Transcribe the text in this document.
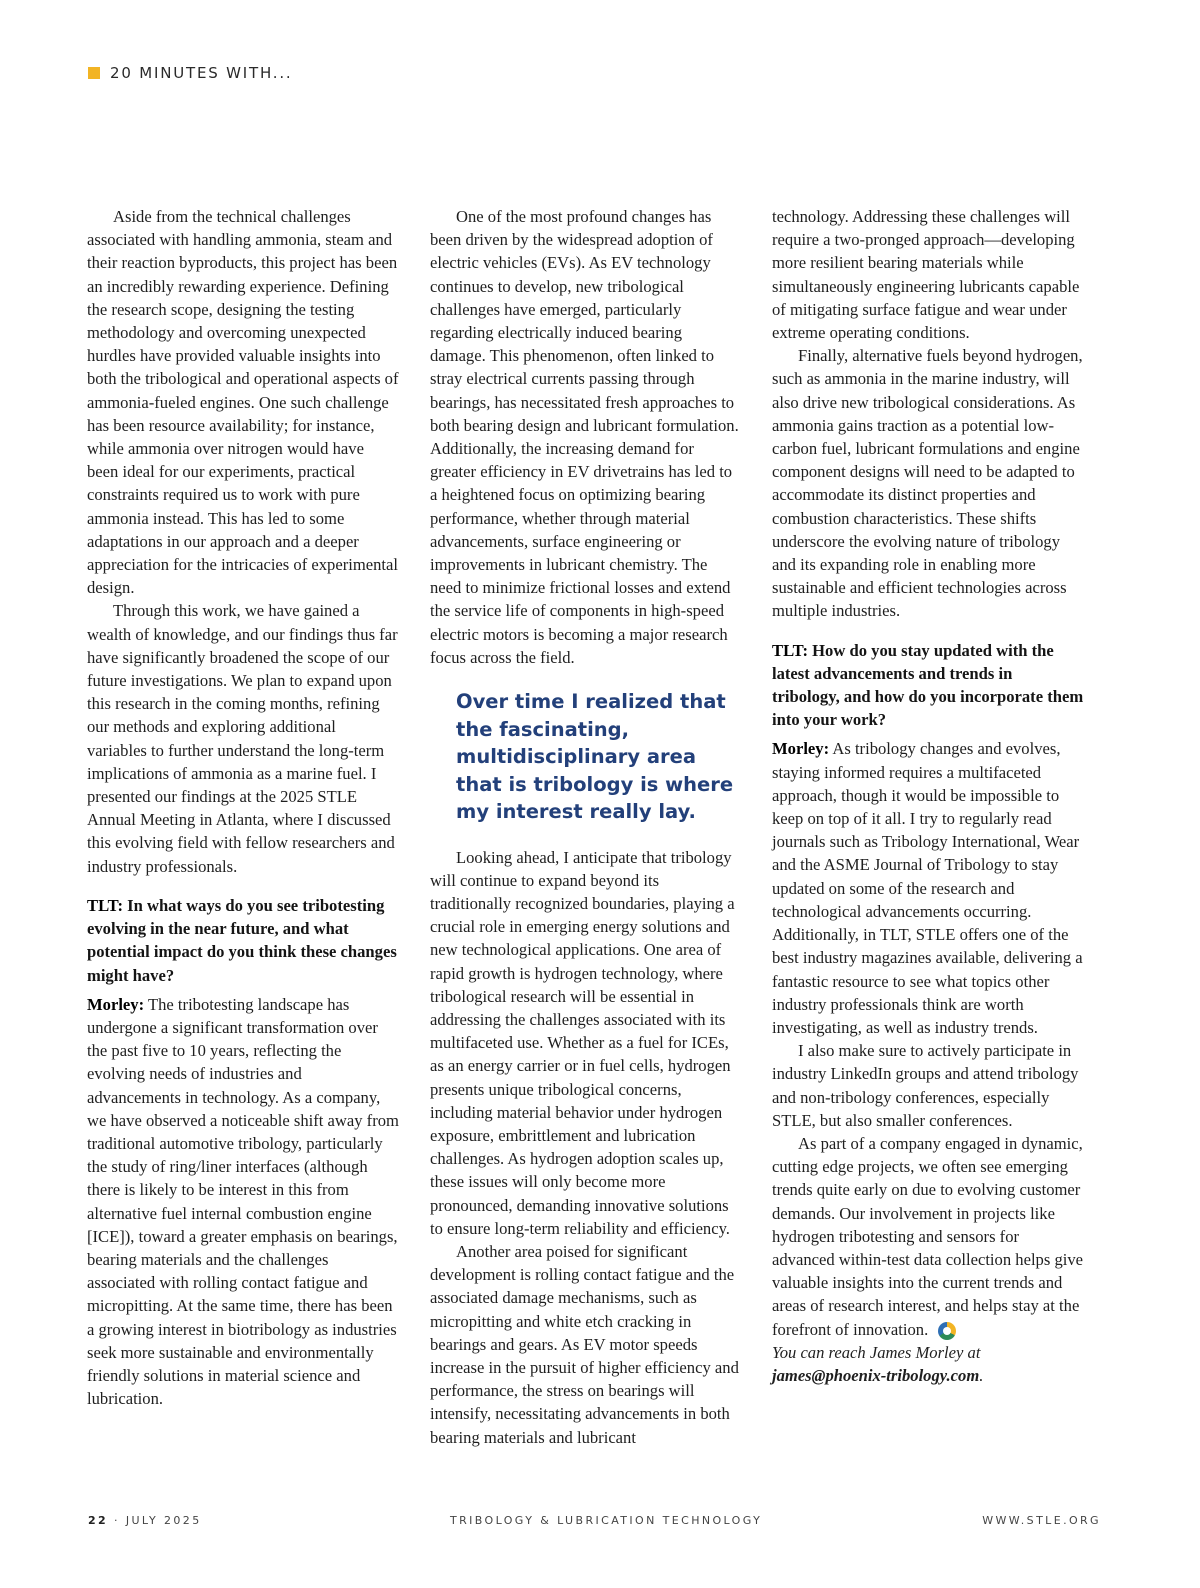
20 MINUTES WITH...

Aside from the technical challenges associated with handling ammonia, steam and their reaction byproducts, this project has been an incredibly rewarding experience. Defining the research scope, designing the testing methodology and overcoming unexpected hurdles have provided valuable insights into both the tribological and operational aspects of ammonia-fueled engines. One such challenge has been resource availability; for instance, while ammonia over nitrogen would have been ideal for our experiments, practical constraints required us to work with pure ammonia instead. This has led to some adaptations in our approach and a deeper appreciation for the intricacies of experimental design.

Through this work, we have gained a wealth of knowledge, and our findings thus far have significantly broadened the scope of our future investigations. We plan to expand upon this research in the coming months, refining our methods and exploring additional variables to further understand the long-term implications of ammonia as a marine fuel. I presented our findings at the 2025 STLE Annual Meeting in Atlanta, where I discussed this evolving field with fellow researchers and industry professionals.

TLT: In what ways do you see tribotesting evolving in the near future, and what potential impact do you think these changes might have?

Morley: The tribotesting landscape has undergone a significant transformation over the past five to 10 years, reflecting the evolving needs of industries and advancements in technology. As a company, we have observed a noticeable shift away from traditional automotive tribology, particularly the study of ring/liner interfaces (although there is likely to be interest in this from alternative fuel internal combustion engine [ICE]), toward a greater emphasis on bearings, bearing materials and the challenges associated with rolling contact fatigue and micropitting. At the same time, there has been a growing interest in biotribology as industries seek more sustainable and environmentally friendly solutions in material science and lubrication.

One of the most profound changes has been driven by the widespread adoption of electric vehicles (EVs). As EV technology continues to develop, new tribological challenges have emerged, particularly regarding electrically induced bearing damage. This phenomenon, often linked to stray electrical currents passing through bearings, has necessitated fresh approaches to both bearing design and lubricant formulation. Additionally, the increasing demand for greater efficiency in EV drivetrains has led to a heightened focus on optimizing bearing performance, whether through material advancements, surface engineering or improvements in lubricant chemistry. The need to minimize frictional losses and extend the service life of components in high-speed electric motors is becoming a major research focus across the field.

Over time I realized that the fascinating, multidisciplinary area that is tribology is where my interest really lay.

Looking ahead, I anticipate that tribology will continue to expand beyond its traditionally recognized boundaries, playing a crucial role in emerging energy solutions and new technological applications. One area of rapid growth is hydrogen technology, where tribological research will be essential in addressing the challenges associated with its multifaceted use. Whether as a fuel for ICEs, as an energy carrier or in fuel cells, hydrogen presents unique tribological concerns, including material behavior under hydrogen exposure, embrittlement and lubrication challenges. As hydrogen adoption scales up, these issues will only become more pronounced, demanding innovative solutions to ensure long-term reliability and efficiency.

Another area poised for significant development is rolling contact fatigue and the associated damage mechanisms, such as micropitting and white etch cracking in bearings and gears. As EV motor speeds increase in the pursuit of higher efficiency and performance, the stress on bearings will intensify, necessitating advancements in both bearing materials and lubricant

technology. Addressing these challenges will require a two-pronged approach—developing more resilient bearing materials while simultaneously engineering lubricants capable of mitigating surface fatigue and wear under extreme operating conditions.

Finally, alternative fuels beyond hydrogen, such as ammonia in the marine industry, will also drive new tribological considerations. As ammonia gains traction as a potential low-carbon fuel, lubricant formulations and engine component designs will need to be adapted to accommodate its distinct properties and combustion characteristics. These shifts underscore the evolving nature of tribology and its expanding role in enabling more sustainable and efficient technologies across multiple industries.

TLT: How do you stay updated with the latest advancements and trends in tribology, and how do you incorporate them into your work?

Morley: As tribology changes and evolves, staying informed requires a multifaceted approach, though it would be impossible to keep on top of it all. I try to regularly read journals such as Tribology International, Wear and the ASME Journal of Tribology to stay updated on some of the research and technological advancements occurring. Additionally, in TLT, STLE offers one of the best industry magazines available, delivering a fantastic resource to see what topics other industry professionals think are worth investigating, as well as industry trends.

I also make sure to actively participate in industry LinkedIn groups and attend tribology and non-tribology conferences, especially STLE, but also smaller conferences.

As part of a company engaged in dynamic, cutting edge projects, we often see emerging trends quite early on due to evolving customer demands. Our involvement in projects like hydrogen tribotesting and sensors for advanced within-test data collection helps give valuable insights into the current trends and areas of research interest, and helps stay at the forefront of innovation.

You can reach James Morley at james@phoenix-tribology.com.

22 · JULY 2025	TRIBOLOGY & LUBRICATION TECHNOLOGY	WWW.STLE.ORG
